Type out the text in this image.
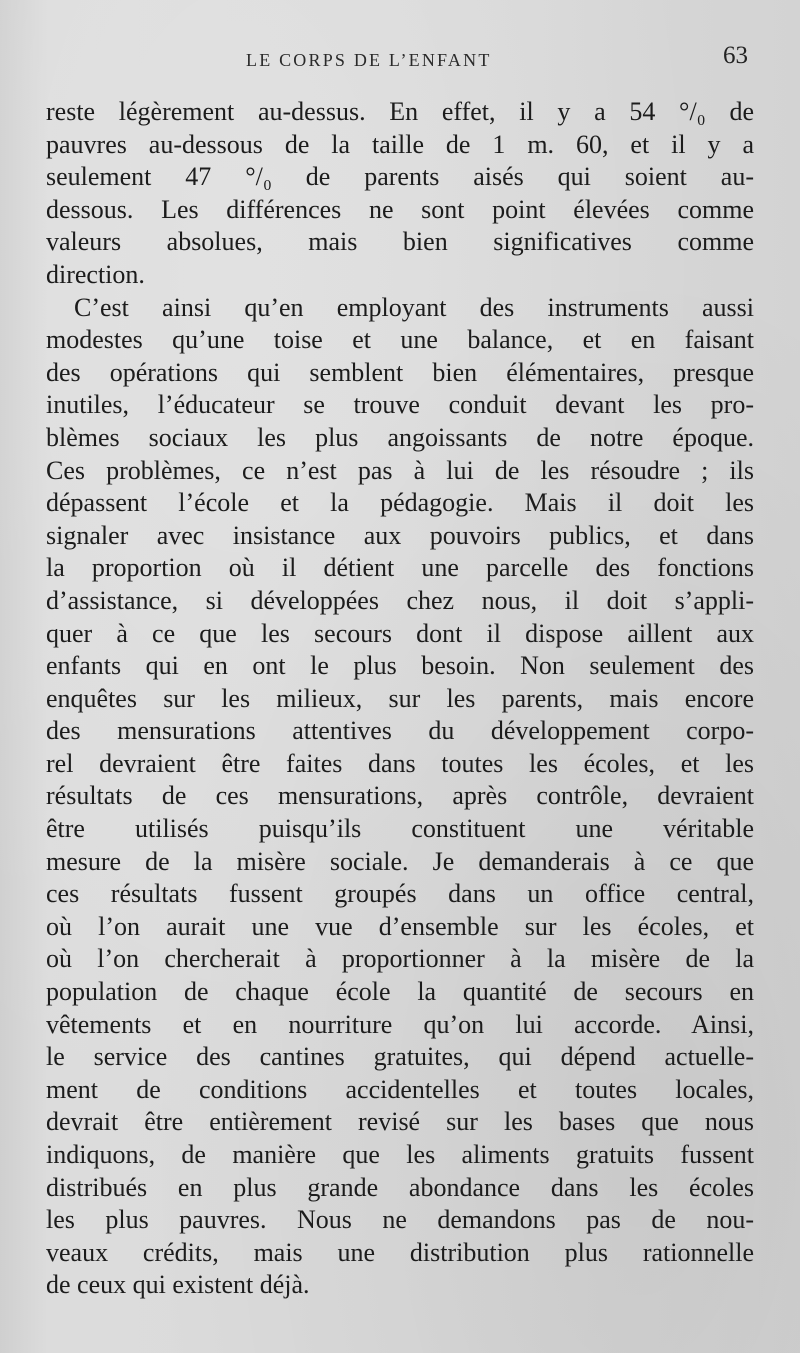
LE CORPS DE L’ENFANT	63
reste légèrement au-dessus. En effet, il y a 54 °/₀ de
pauvres au-dessous de la taille de 1 m. 60, et il y a
seulement 47 °/₀ de parents aisés qui soient au-
dessous. Les différences ne sont point élevées comme
valeurs absolues, mais bien significatives comme
direction.
C’est ainsi qu’en employant des instruments aussi
modestes qu’une toise et une balance, et en faisant
des opérations qui semblent bien élémentaires, presque
inutiles, l’éducateur se trouve conduit devant les pro-
blèmes sociaux les plus angoissants de notre époque.
Ces problèmes, ce n’est pas à lui de les résoudre ; ils
dépassent l’école et la pédagogie. Mais il doit les
signaler avec insistance aux pouvoirs publics, et dans
la proportion où il détient une parcelle des fonctions
d’assistance, si développées chez nous, il doit s’appli-
quer à ce que les secours dont il dispose aillent aux
enfants qui en ont le plus besoin. Non seulement des
enquêtes sur les milieux, sur les parents, mais encore
des mensurations attentives du développement corpo-
rel devraient être faites dans toutes les écoles, et les
résultats de ces mensurations, après contrôle, devraient
être utilisés puisqu’ils constituent une véritable
mesure de la misère sociale. Je demanderais à ce que
ces résultats fussent groupés dans un office central,
où l’on aurait une vue d’ensemble sur les écoles, et
où l’on chercherait à proportionner à la misère de la
population de chaque école la quantité de secours en
vêtements et en nourriture qu’on lui accorde. Ainsi,
le service des cantines gratuites, qui dépend actuelle-
ment de conditions accidentelles et toutes locales,
devrait être entièrement revisé sur les bases que nous
indiquons, de manière que les aliments gratuits fussent
distribués en plus grande abondance dans les écoles
les plus pauvres. Nous ne demandons pas de nou-
veaux crédits, mais une distribution plus rationnelle
de ceux qui existent déjà.
